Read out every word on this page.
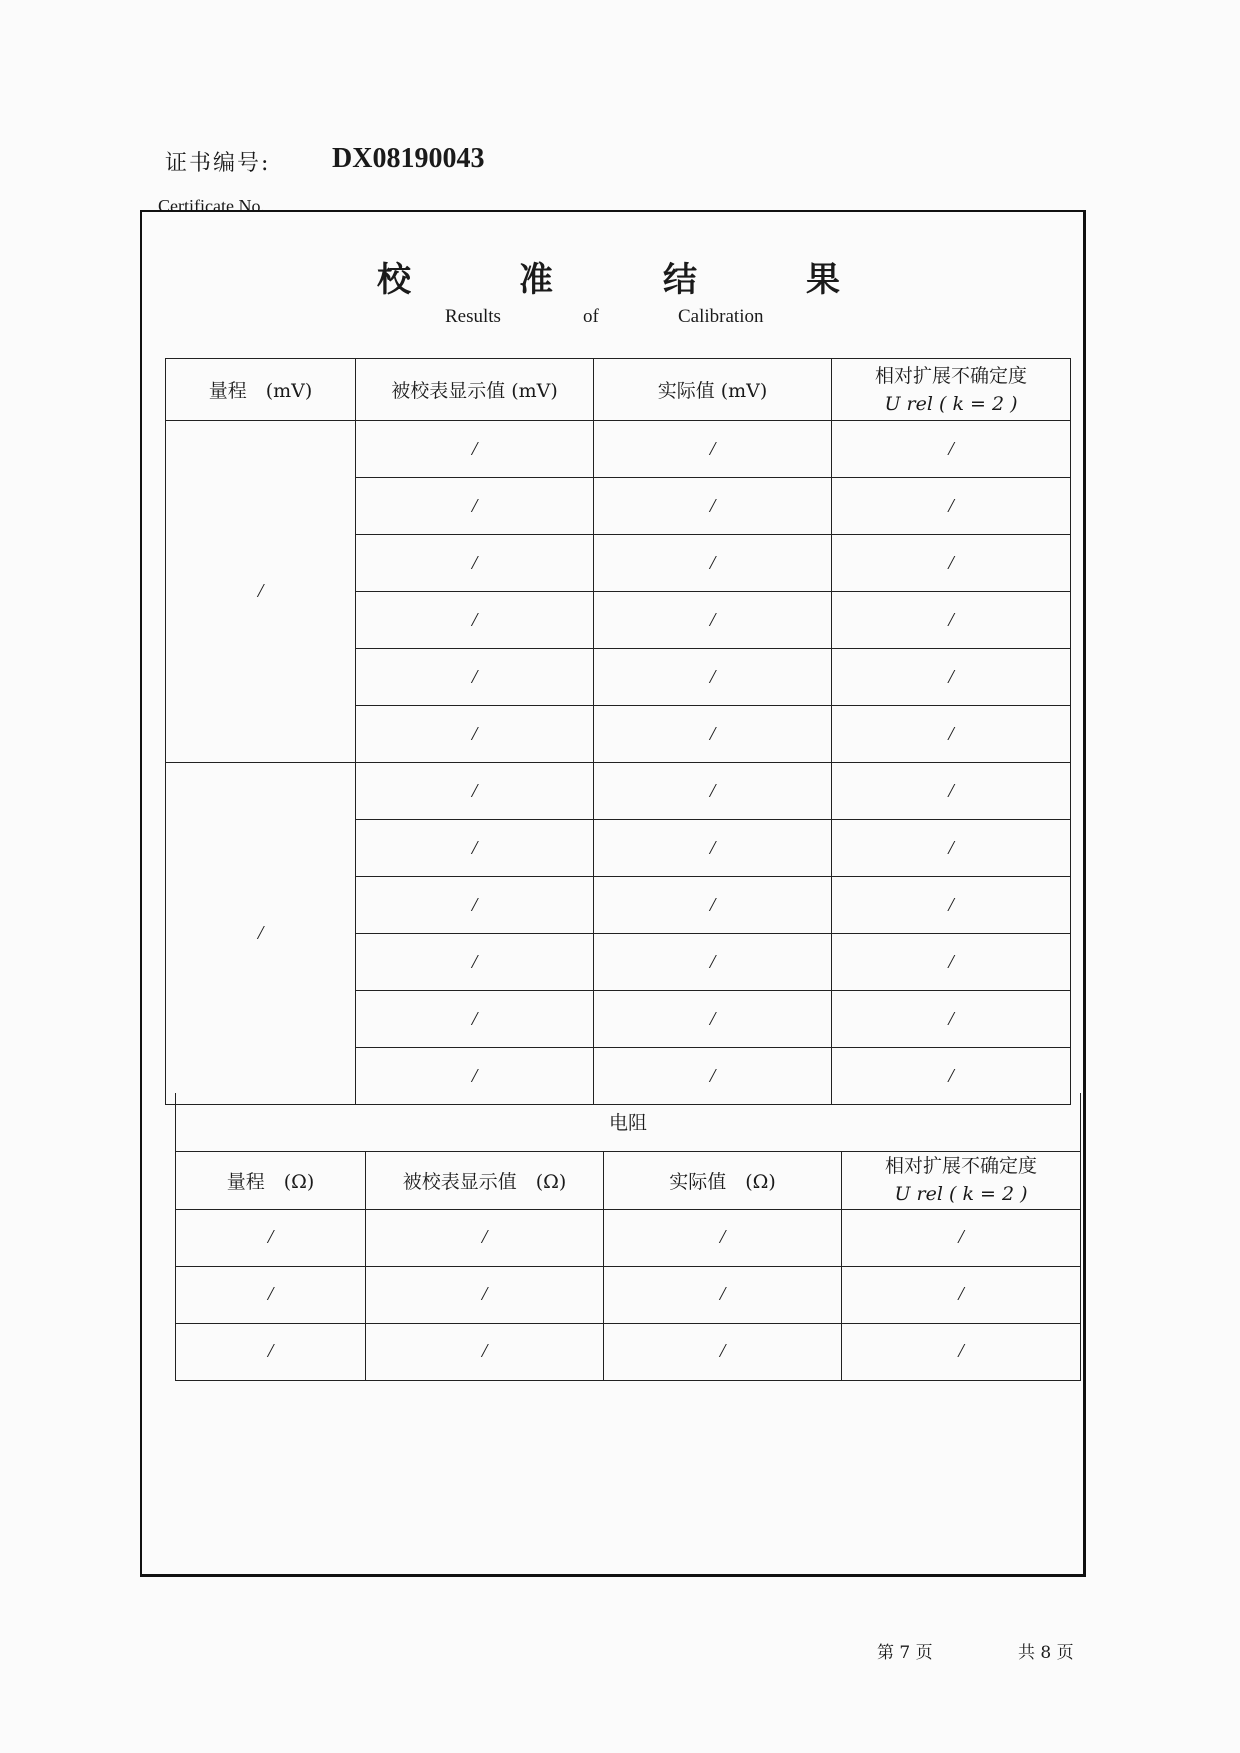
证书编号: DX08190043
Certificate No.
校	准	结	果
Results	of	Calibration
量程　(mV)	被校表显示值 (mV)	实际值 (mV)	相对扩展不确定度
U rel ( k = 2 )

/	/	/	/
	/	/	/
	/	/	/
	/	/	/
	/	/	/
	/	/	/
/	/	/	/
	/	/	/
	/	/	/
	/	/	/
	/	/	/
	/	/	/
电阻			
量程　(Ω)	被校表显示值　(Ω)	实际值　(Ω)	相对扩展不确定度
U rel ( k = 2 )

/	/	/	/
/	/	/	/
/	/	/	/
第 7 页	共 8 页
